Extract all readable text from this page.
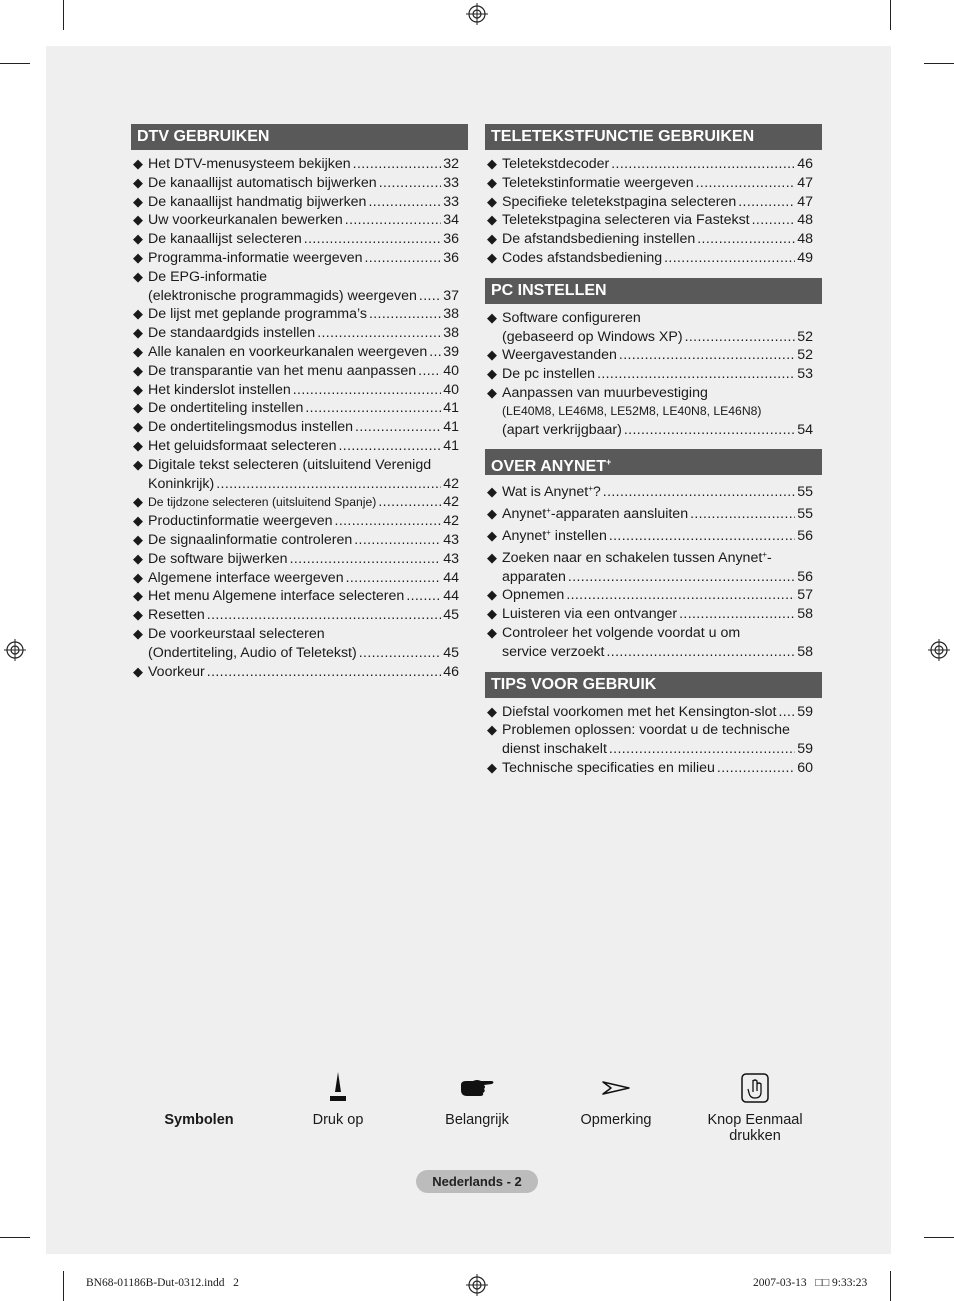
DTV GEBRUIKEN
◆ Het DTV-menusysteem bekijken .....	32
◆ De kanaallijst automatisch bijwerken .....	33
◆ De kanaallijst handmatig bijwerken .....	33
◆ Uw voorkeurkanalen bewerken .....	34
◆ De kanaallijst selecteren .....	36
◆ Programma-informatie weergeven .....	36
◆ De EPG-informatie
(elektronische programmagids) weergeven ..... 37
◆ De lijst met geplande programma’s .....	38
◆ De standaardgids instellen .....	38
◆ Alle kanalen en voorkeurkanalen weergeven ..... 39
◆ De transparantie van het menu aanpassen ..... 40
◆ Het kinderslot instellen .....	40
◆ De ondertiteling instellen .....	41
◆ De ondertitelingsmodus instellen .....	41
◆ Het geluidsformaat selecteren .....	41
◆ Digitale tekst selecteren (uitsluitend Verenigd
Koninkrijk) .....	42
◆ De tijdzone selecteren (uitsluitend Spanje) .....	42
◆ Productinformatie weergeven .....	42
◆ De signaalinformatie controleren .....	43
◆ De software bijwerken .....	43
◆ Algemene interface weergeven .....	44
◆ Het menu Algemene interface selecteren .....	44
◆ Resetten .....	45
◆ De voorkeurstaal selecteren
(Ondertiteling, Audio of Teletekst) .....	45
◆ Voorkeur .....	46
TELETEKSTFUNCTIE GEBRUIKEN
◆ Teletekstdecoder .....	46
◆ Teletekstinformatie weergeven .....	47
◆ Specifieke teletekstpagina selecteren .....	47
◆ Teletekstpagina selecteren via Fastekst .....	48
◆ De afstandsbediening instellen .....	48
◆ Codes afstandsbediening .....	49
PC INSTELLEN
◆ Software configureren
(gebaseerd op Windows XP) .....	52
◆ Weergavestanden .....	52
◆ De pc instellen .....	53
◆ Aanpassen van muurbevestiging
(LE40M8, LE46M8, LE52M8, LE40N8, LE46N8)
(apart verkrijgbaar) .....	54
OVER ANYNET+
◆ Wat is Anynet+? .....	55
◆ Anynet+-apparaten aansluiten .....	55
◆ Anynet+ instellen .....	56
◆ Zoeken naar en schakelen tussen Anynet+-
apparaten .....	56
◆ Opnemen .....	57
◆ Luisteren via een ontvanger .....	58
◆ Controleer het volgende voordat u om
service verzoekt .....	58
TIPS VOOR GEBRUIK
◆ Diefstal voorkomen met het Kensington-slot ..... 59
◆ Problemen oplossen: voordat u de technische
dienst inschakelt .....	59
◆ Technische specificaties en milieu .....	60
Symbolen	Druk op	Belangrijk	Opmerking	Knop Eenmaal drukken
Nederlands - 2
BN68-01186B-Dut-0312.indd   2	2007-03-13   □□ 9:33:23
